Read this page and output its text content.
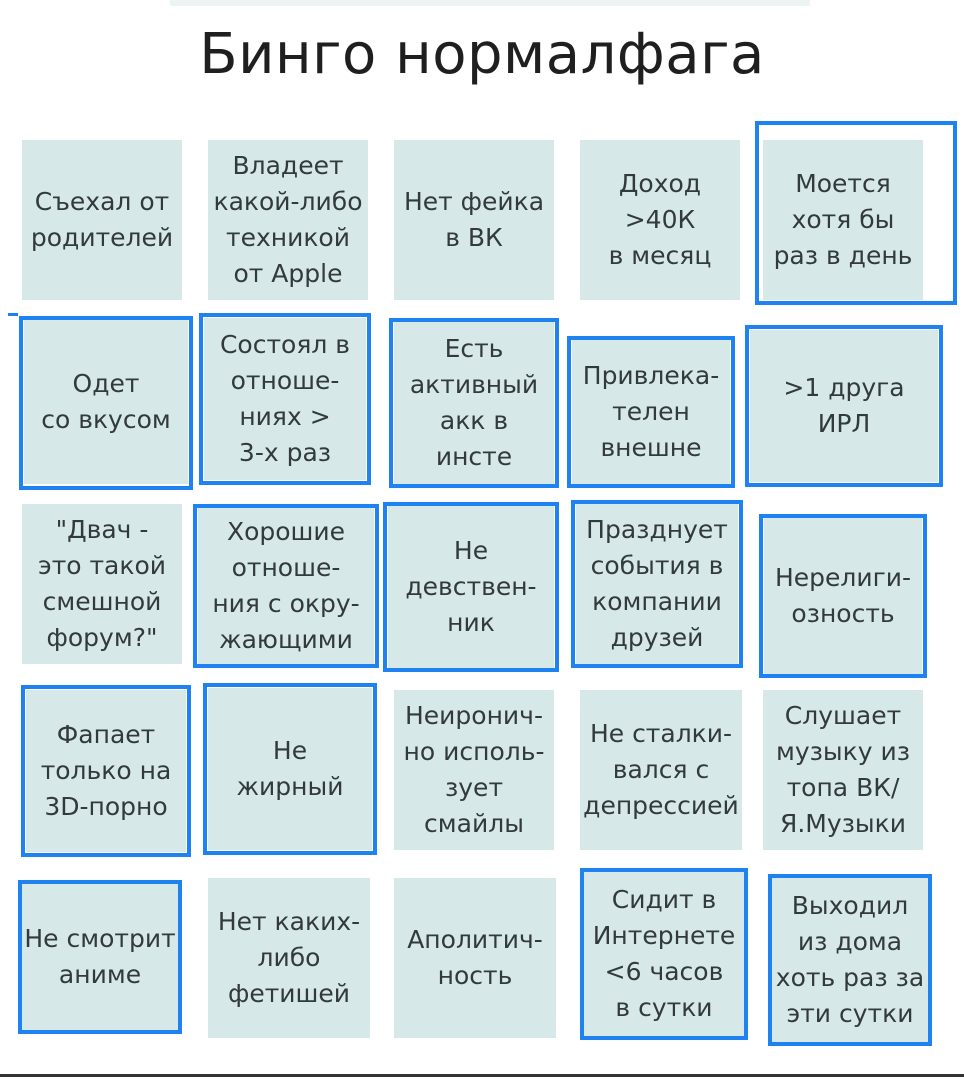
Бинго нормалфага
Съехал от
родителей
Владеет
какой-либо
техникой
от Apple
Нет фейка
в ВК
Доход
>40К
в месяц
Моется
хотя бы
раз в день
Одет
со вкусом
Состоял в
отноше-
ниях >
3-х раз
Есть
активный
акк в
инсте
Привлека-
телен
внешне
>1 друга
ИРЛ
"Двач -
это такой
смешной
форум?"
Хорошие
отноше-
ния с окру-
жающими
Не
девствен-
ник
Празднует
события в
компании
друзей
Нерелиги-
озность
Фапает
только на
3D-порно
Не
жирный
Неиронич-
но исполь-
зует
смайлы
Не сталки-
вался с
депрессией
Слушает
музыку из
топа ВК/
Я.Музыки
Не смотрит
аниме
Нет каких-
либо
фетишей
Аполитич-
ность
Сидит в
Интернете
<6 часов
в сутки
Выходил
из дома
хоть раз за
эти сутки
